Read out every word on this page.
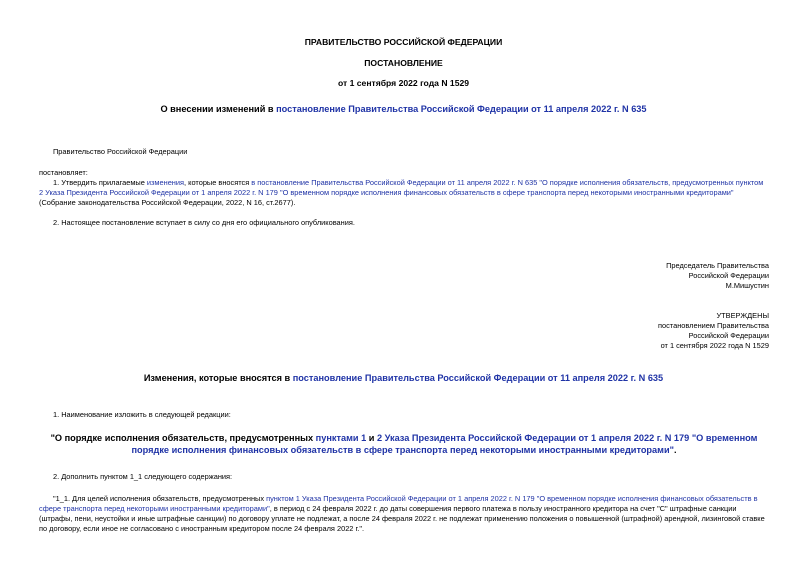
ПРАВИТЕЛЬСТВО РОССИЙСКОЙ ФЕДЕРАЦИИ
ПОСТАНОВЛЕНИЕ
от 1 сентября 2022 года N 1529
О внесении изменений в постановление Правительства Российской Федерации от 11 апреля 2022 г. N 635
Правительство Российской Федерации
постановляет:
1. Утвердить прилагаемые изменения, которые вносятся в постановление Правительства Российской Федерации от 11 апреля 2022 г. N 635 "О порядке исполнения обязательств, предусмотренных пунктом 2 Указа Президента Российской Федерации от 1 апреля 2022 г. N 179 "О временном порядке исполнения финансовых обязательств в сфере транспорта перед некоторыми иностранными кредиторами" (Собрание законодательства Российской Федерации, 2022, N 16, ст.2677).
2. Настоящее постановление вступает в силу со дня его официального опубликования.
Председатель Правительства
Российской Федерации
М.Мишустин
УТВЕРЖДЕНЫ
постановлением Правительства
Российской Федерации
от 1 сентября 2022 года N 1529
Изменения, которые вносятся в постановление Правительства Российской Федерации от 11 апреля 2022 г. N 635
1. Наименование изложить в следующей редакции:
"О порядке исполнения обязательств, предусмотренных пунктами 1 и 2 Указа Президента Российской Федерации от 1 апреля 2022 г. N 179 "О временном порядке исполнения финансовых обязательств в сфере транспорта перед некоторыми иностранными кредиторами".
2. Дополнить пунктом 1_1 следующего содержания:
"1_1. Для целей исполнения обязательств, предусмотренных пунктом 1 Указа Президента Российской Федерации от 1 апреля 2022 г. N 179 "О временном порядке исполнения финансовых обязательств в сфере транспорта перед некоторыми иностранными кредиторами", в период с 24 февраля 2022 г. до даты совершения первого платежа в пользу иностранного кредитора на счет "С" штрафные санкции (штрафы, пени, неустойки и иные штрафные санкции) по договору уплате не подлежат, а после 24 февраля 2022 г. не подлежат применению положения о повышенной (штрафной) арендной, лизинговой ставке по договору, если иное не согласовано с иностранным кредитором после 24 февраля 2022 г.".
